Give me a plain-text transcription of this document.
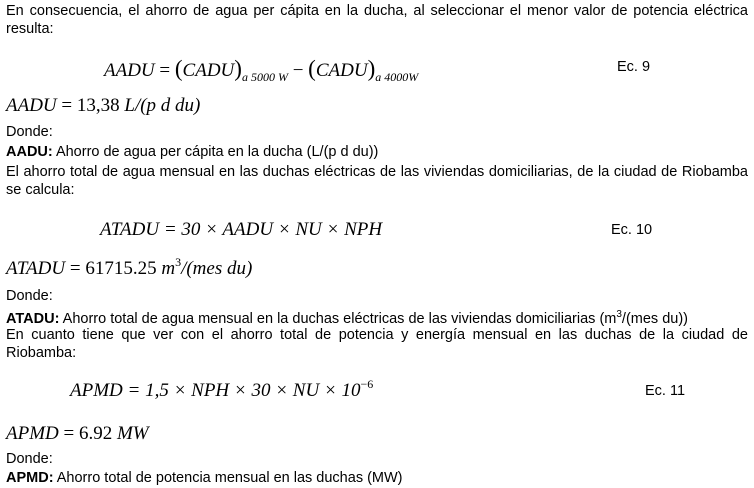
En consecuencia, el ahorro de agua per cápita en la ducha, al seleccionar el menor valor de potencia eléctrica resulta:

AADU = $(CADU)_{a 5000 W}$ − $(CADU)_{a 4000W}$
Ec. 9
AADU = 13,38 L/(p d du)

Donde:

AADU: Ahorro de agua per cápita en la ducha (L/(p d du))

El ahorro total de agua mensual en las duchas eléctricas de las viviendas domiciliarias, de la ciudad de Riobamba se calcula:

ATADU = 30 × AADU × NU × NPH	Ec. 10
ATADU = 61715.25 $m^3/(mes$ du)

Donde:

ATADU: Ahorro total de agua mensual en la duchas eléctricas de las viviendas domiciliarias ($m^3/(mes$ du))

En cuanto tiene que ver con el ahorro total de potencia y energía mensual en las duchas de la ciudad de Riobamba:

APMD = 1,5 × NPH × 30 × NU × $10^{-6}$	Ec. 11
APMD = 6.92 MW

Donde:

APMD: Ahorro total de potencia mensual en las duchas (MW)
